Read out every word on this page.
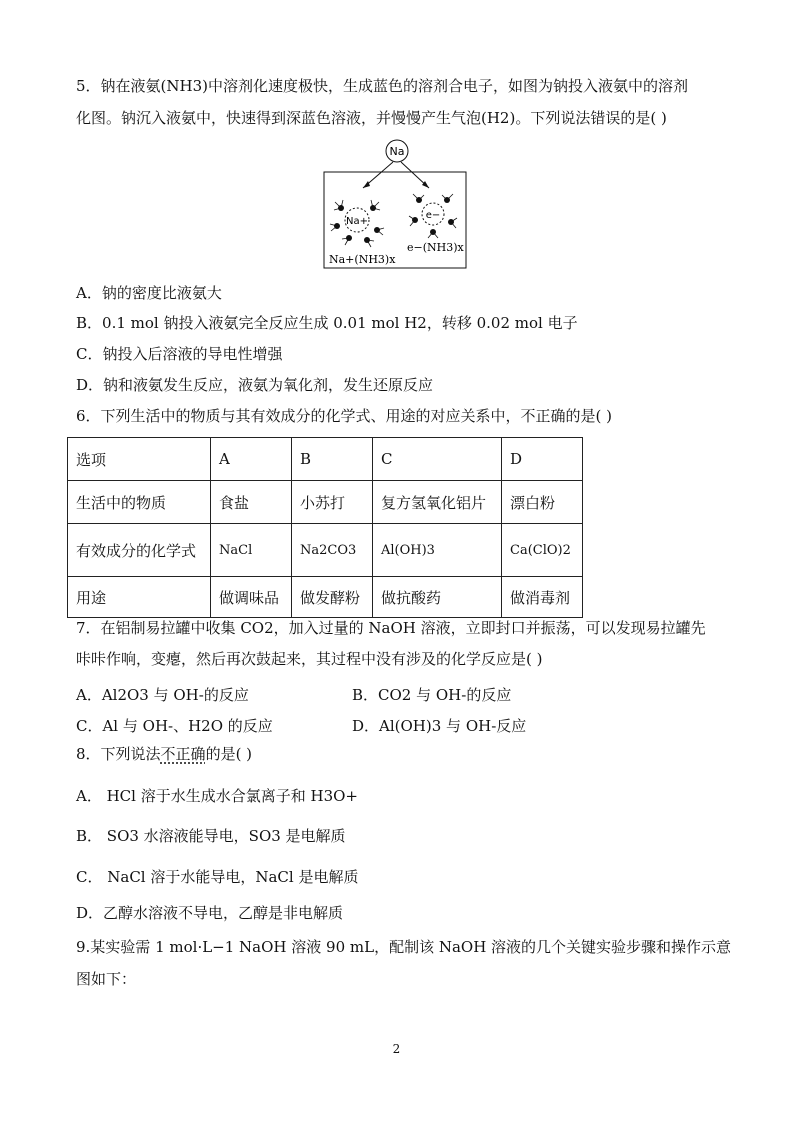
5．钠在液氨(NH3)中溶剂化速度极快，生成蓝色的溶剂合电子，如图为钠投入液氨中的溶剂
化图。钠沉入液氨中，快速得到深蓝色溶液，并慢慢产生气泡(H2)。下列说法错误的是( )
Na
Na+
e−
Na+(NH3)x
e−(NH3)x
A．钠的密度比液氨大
B．0.1 mol 钠投入液氨完全反应生成 0.01 mol H2，转移 0.02 mol 电子
C．钠投入后溶液的导电性增强
D．钠和液氨发生反应，液氨为氧化剂，发生还原反应
6．下列生活中的物质与其有效成分的化学式、用途的对应关系中，不正确的是( )
选项	A	B	C	D
生活中的物质	食盐	小苏打	复方氢氧化铝片	漂白粉
有效成分的化学式	NaCl	Na2CO3	Al(OH)3	Ca(ClO)2
用途	做调味品	做发酵粉	做抗酸药	做消毒剂
7．在铝制易拉罐中收集 CO2，加入过量的 NaOH 溶液，立即封口并振荡，可以发现易拉罐先
咔咔作响，变瘪，然后再次鼓起来，其过程中没有涉及的化学反应是( )
A．Al2O3 与 OH-的反应	B．CO2 与 OH-的反应
C．Al 与 OH-、H2O 的反应	D．Al(OH)3 与 OH-反应
8．下列说法不正确的是( )
A． HCl 溶于水生成水合氯离子和 H3O+
B． SO3 水溶液能导电，SO3 是电解质
C． NaCl 溶于水能导电，NaCl 是电解质
D．乙醇水溶液不导电，乙醇是非电解质
9.某实验需 1 mol·L−1 NaOH 溶液 90 mL，配制该 NaOH 溶液的几个关键实验步骤和操作示意
图如下：
2
